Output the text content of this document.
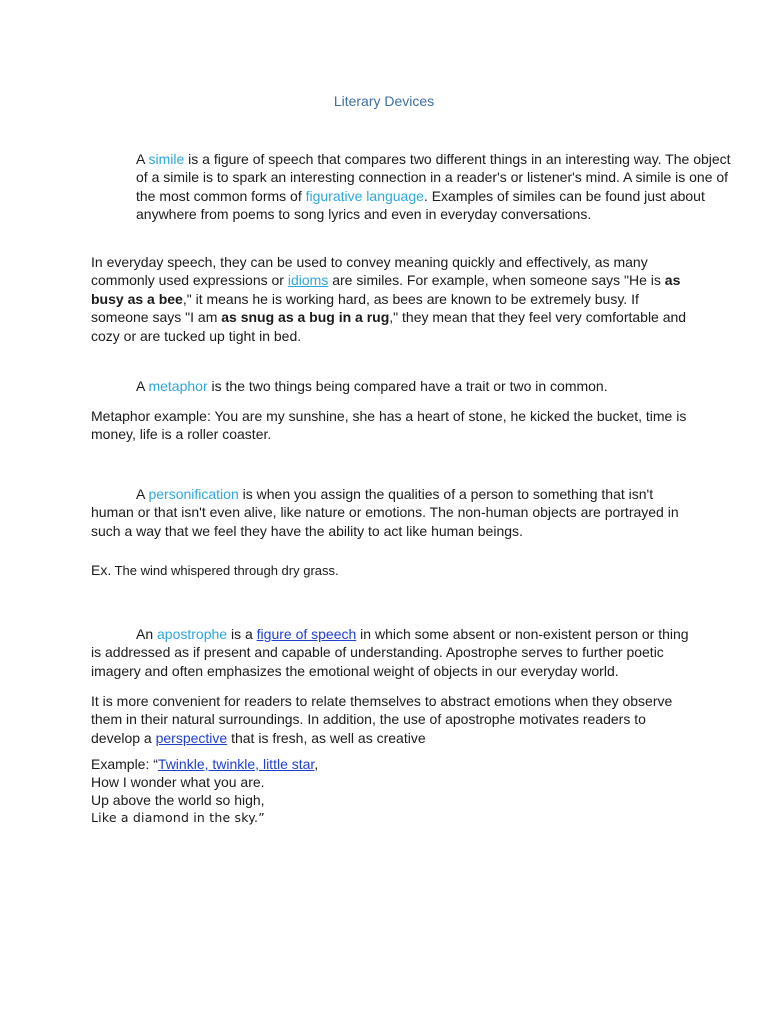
Literary Devices

A simile is a figure of speech that compares two different things in an interesting way. The object of a simile is to spark an interesting connection in a reader's or listener's mind. A simile is one of the most common forms of figurative language. Examples of similes can be found just about anywhere from poems to song lyrics and even in everyday conversations.

In everyday speech, they can be used to convey meaning quickly and effectively, as many commonly used expressions or idioms are similes. For example, when someone says "He is as busy as a bee," it means he is working hard, as bees are known to be extremely busy. If someone says "I am as snug as a bug in a rug," they mean that they feel very comfortable and cozy or are tucked up tight in bed.

A metaphor is the two things being compared have a trait or two in common.

Metaphor example: You are my sunshine, she has a heart of stone, he kicked the bucket, time is money, life is a roller coaster.

A personification is when you assign the qualities of a person to something that isn't human or that isn't even alive, like nature or emotions. The non-human objects are portrayed in such a way that we feel they have the ability to act like human beings.

Ex. The wind whispered through dry grass.

An apostrophe is a figure of speech in which some absent or non-existent person or thing is addressed as if present and capable of understanding. Apostrophe serves to further poetic imagery and often emphasizes the emotional weight of objects in our everyday world.

It is more convenient for readers to relate themselves to abstract emotions when they observe them in their natural surroundings. In addition, the use of apostrophe motivates readers to develop a perspective that is fresh, as well as creative

Example: “Twinkle, twinkle, little star,

How I wonder what you are.

Up above the world so high,

Like a diamond in the sky.”
